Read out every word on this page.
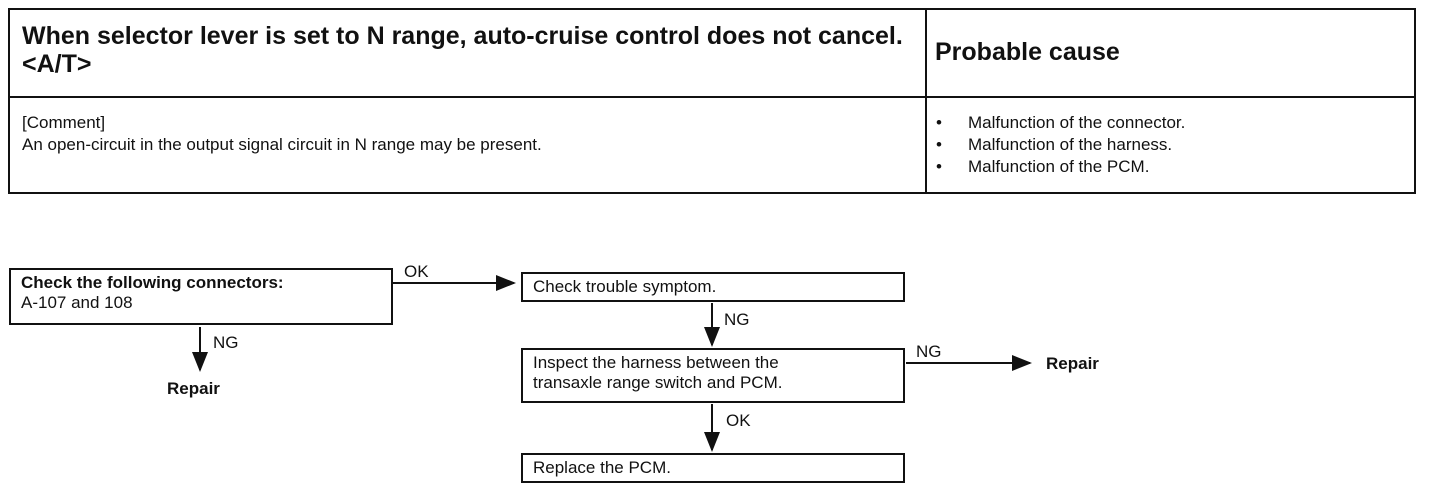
When selector lever is set to N range, auto-cruise control does not cancel. <A/T>	Probable cause
[Comment]
An open-circuit in the output signal circuit in N range may be present.
• Malfunction of the connector.
• Malfunction of the harness.
• Malfunction of the PCM.
Check the following connectors:
A-107 and 108
Check trouble symptom.
Inspect the harness between the
transaxle range switch and PCM.
Replace the PCM.
OK
NG
Repair
NG
NG
Repair
OK
